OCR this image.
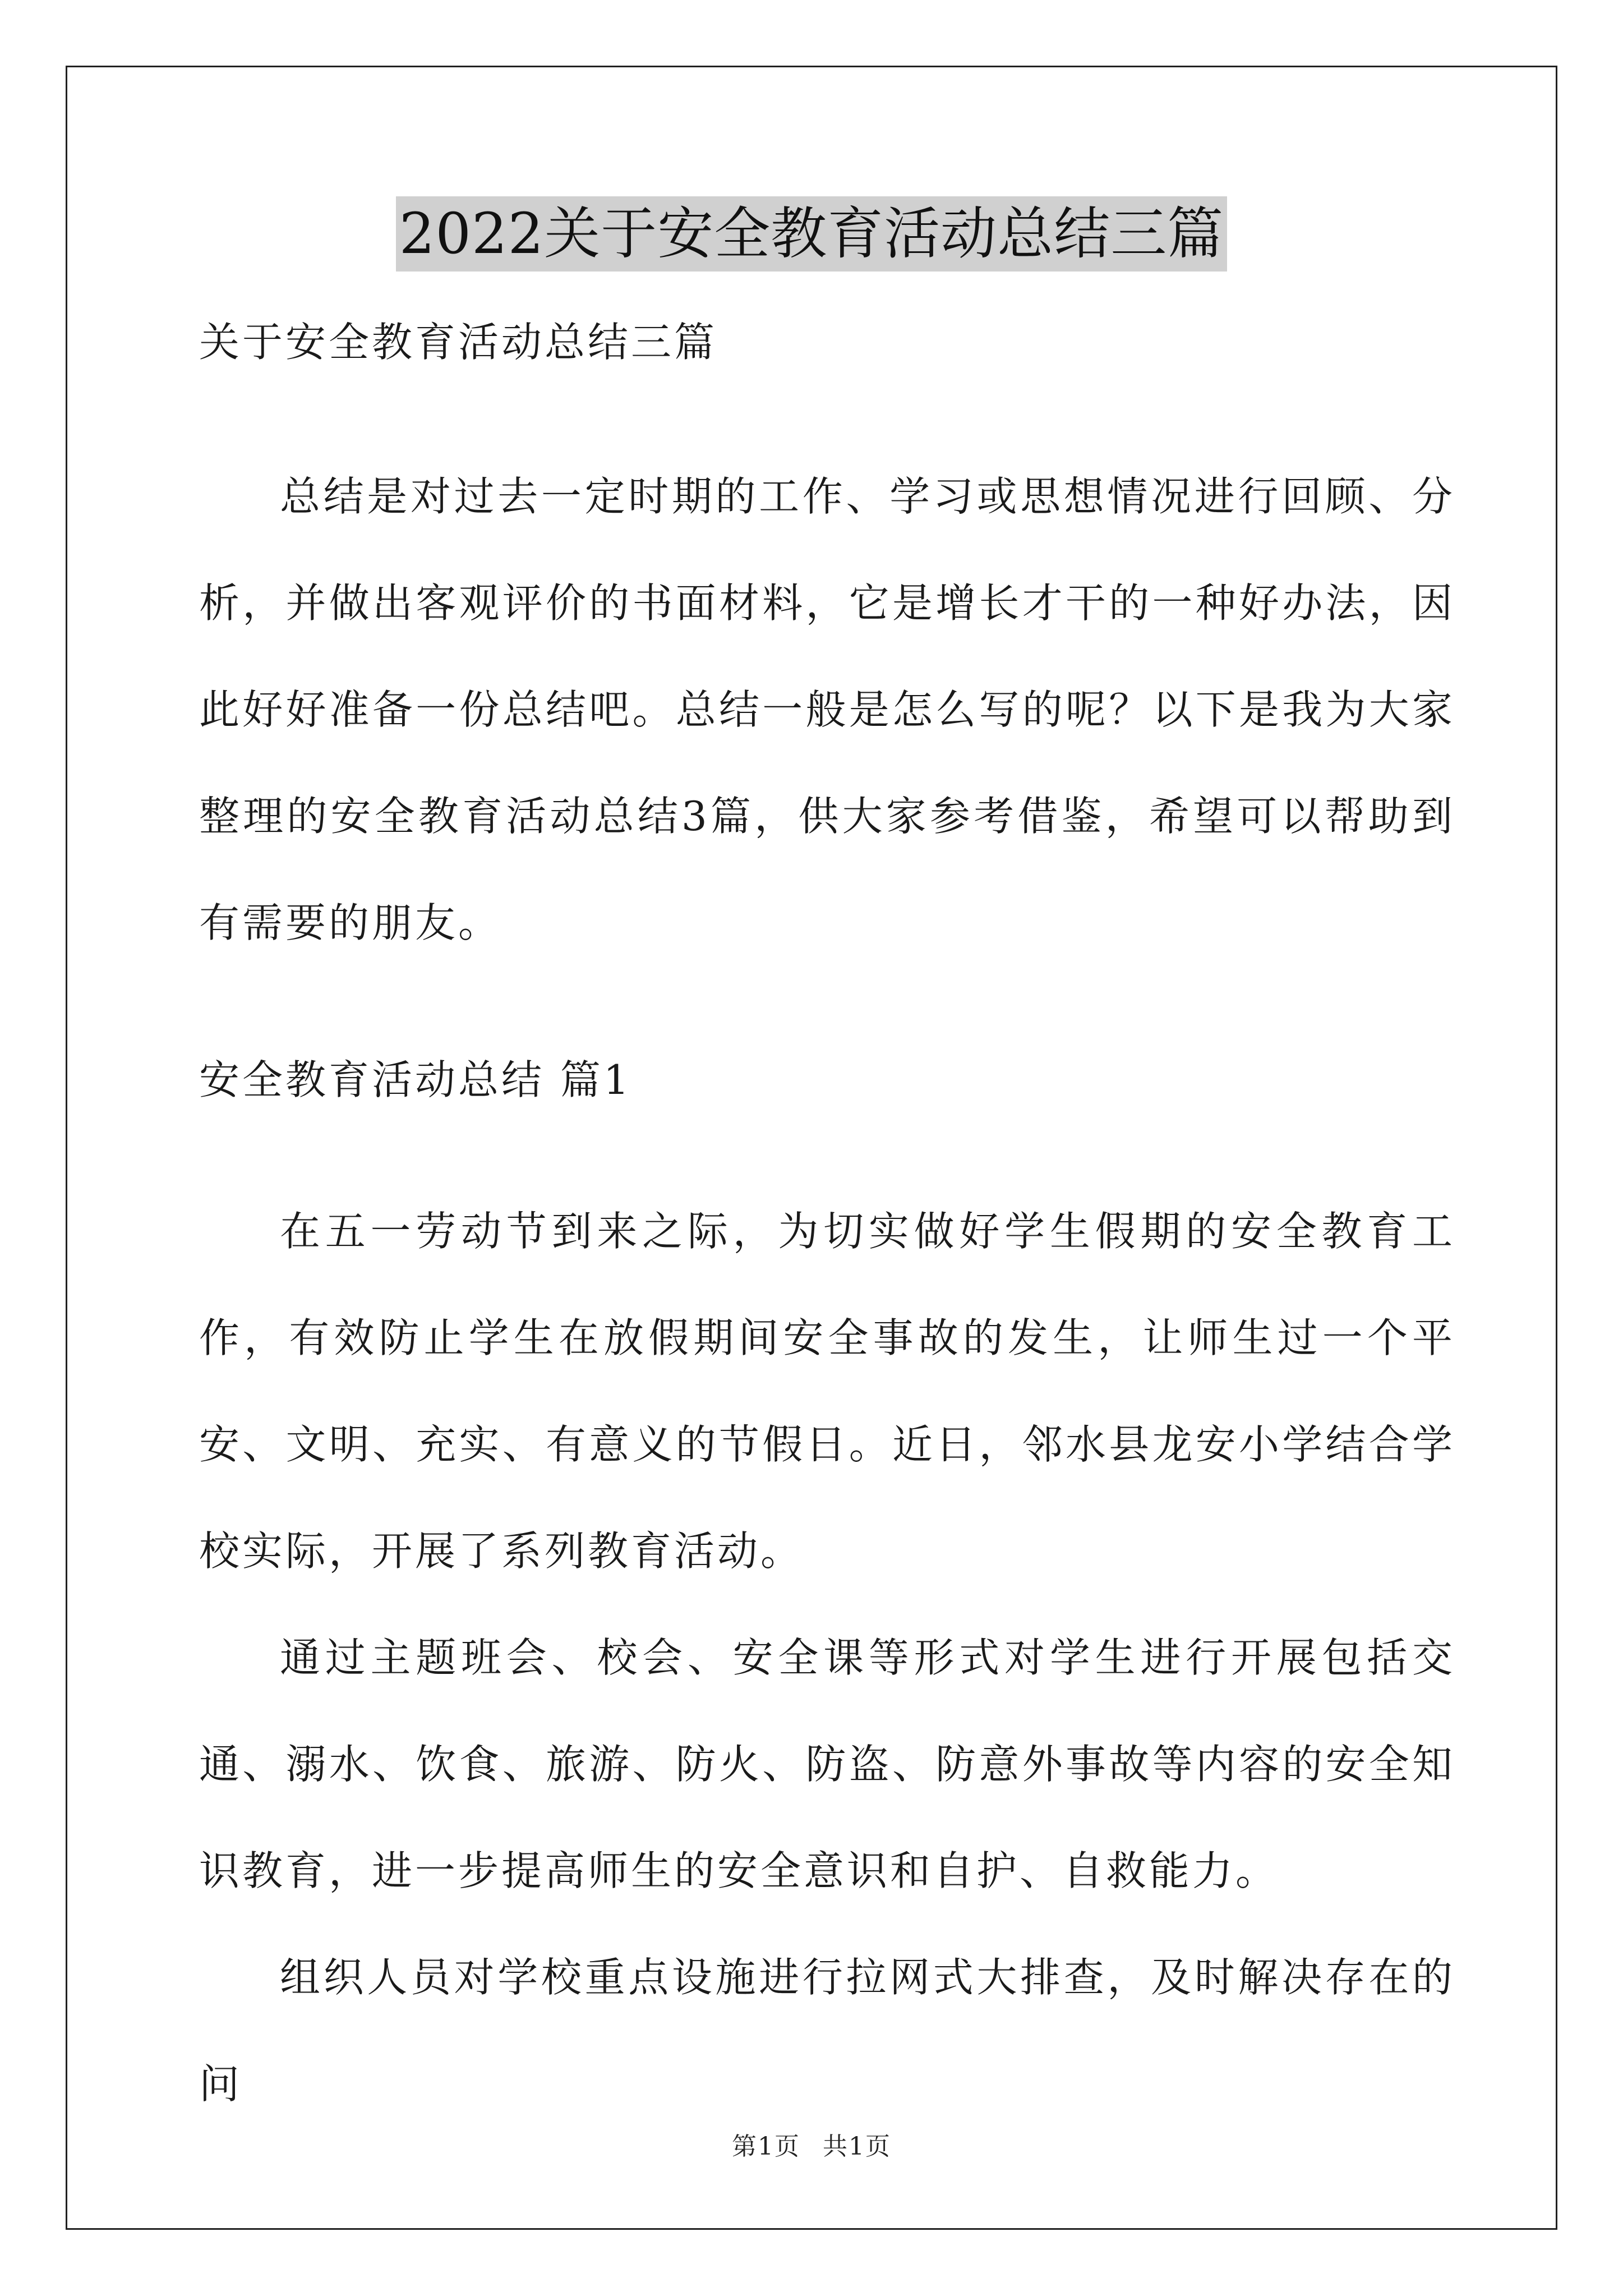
2022关于安全教育活动总结三篇
关于安全教育活动总结三篇

总结是对过去一定时期的工作、学习或思想情况进行回顾、分析，并做出客观评价的书面材料，它是增长才干的一种好办法，因此好好准备一份总结吧。总结一般是怎么写的呢？以下是我为大家整理的安全教育活动总结3篇，供大家参考借鉴，希望可以帮助到有需要的朋友。

安全教育活动总结 篇1

在五一劳动节到来之际，为切实做好学生假期的安全教育工作，有效防止学生在放假期间安全事故的发生，让师生过一个平安、文明、充实、有意义的节假日。近日，邻水县龙安小学结合学校实际，开展了系列教育活动。

通过主题班会、校会、安全课等形式对学生进行开展包括交通、溺水、饮食、旅游、防火、防盗、防意外事故等内容的安全知识教育，进一步提高师生的安全意识和自护、自救能力。

组织人员对学校重点设施进行拉网式大排查，及时解决存在的问

第1页 共1页
